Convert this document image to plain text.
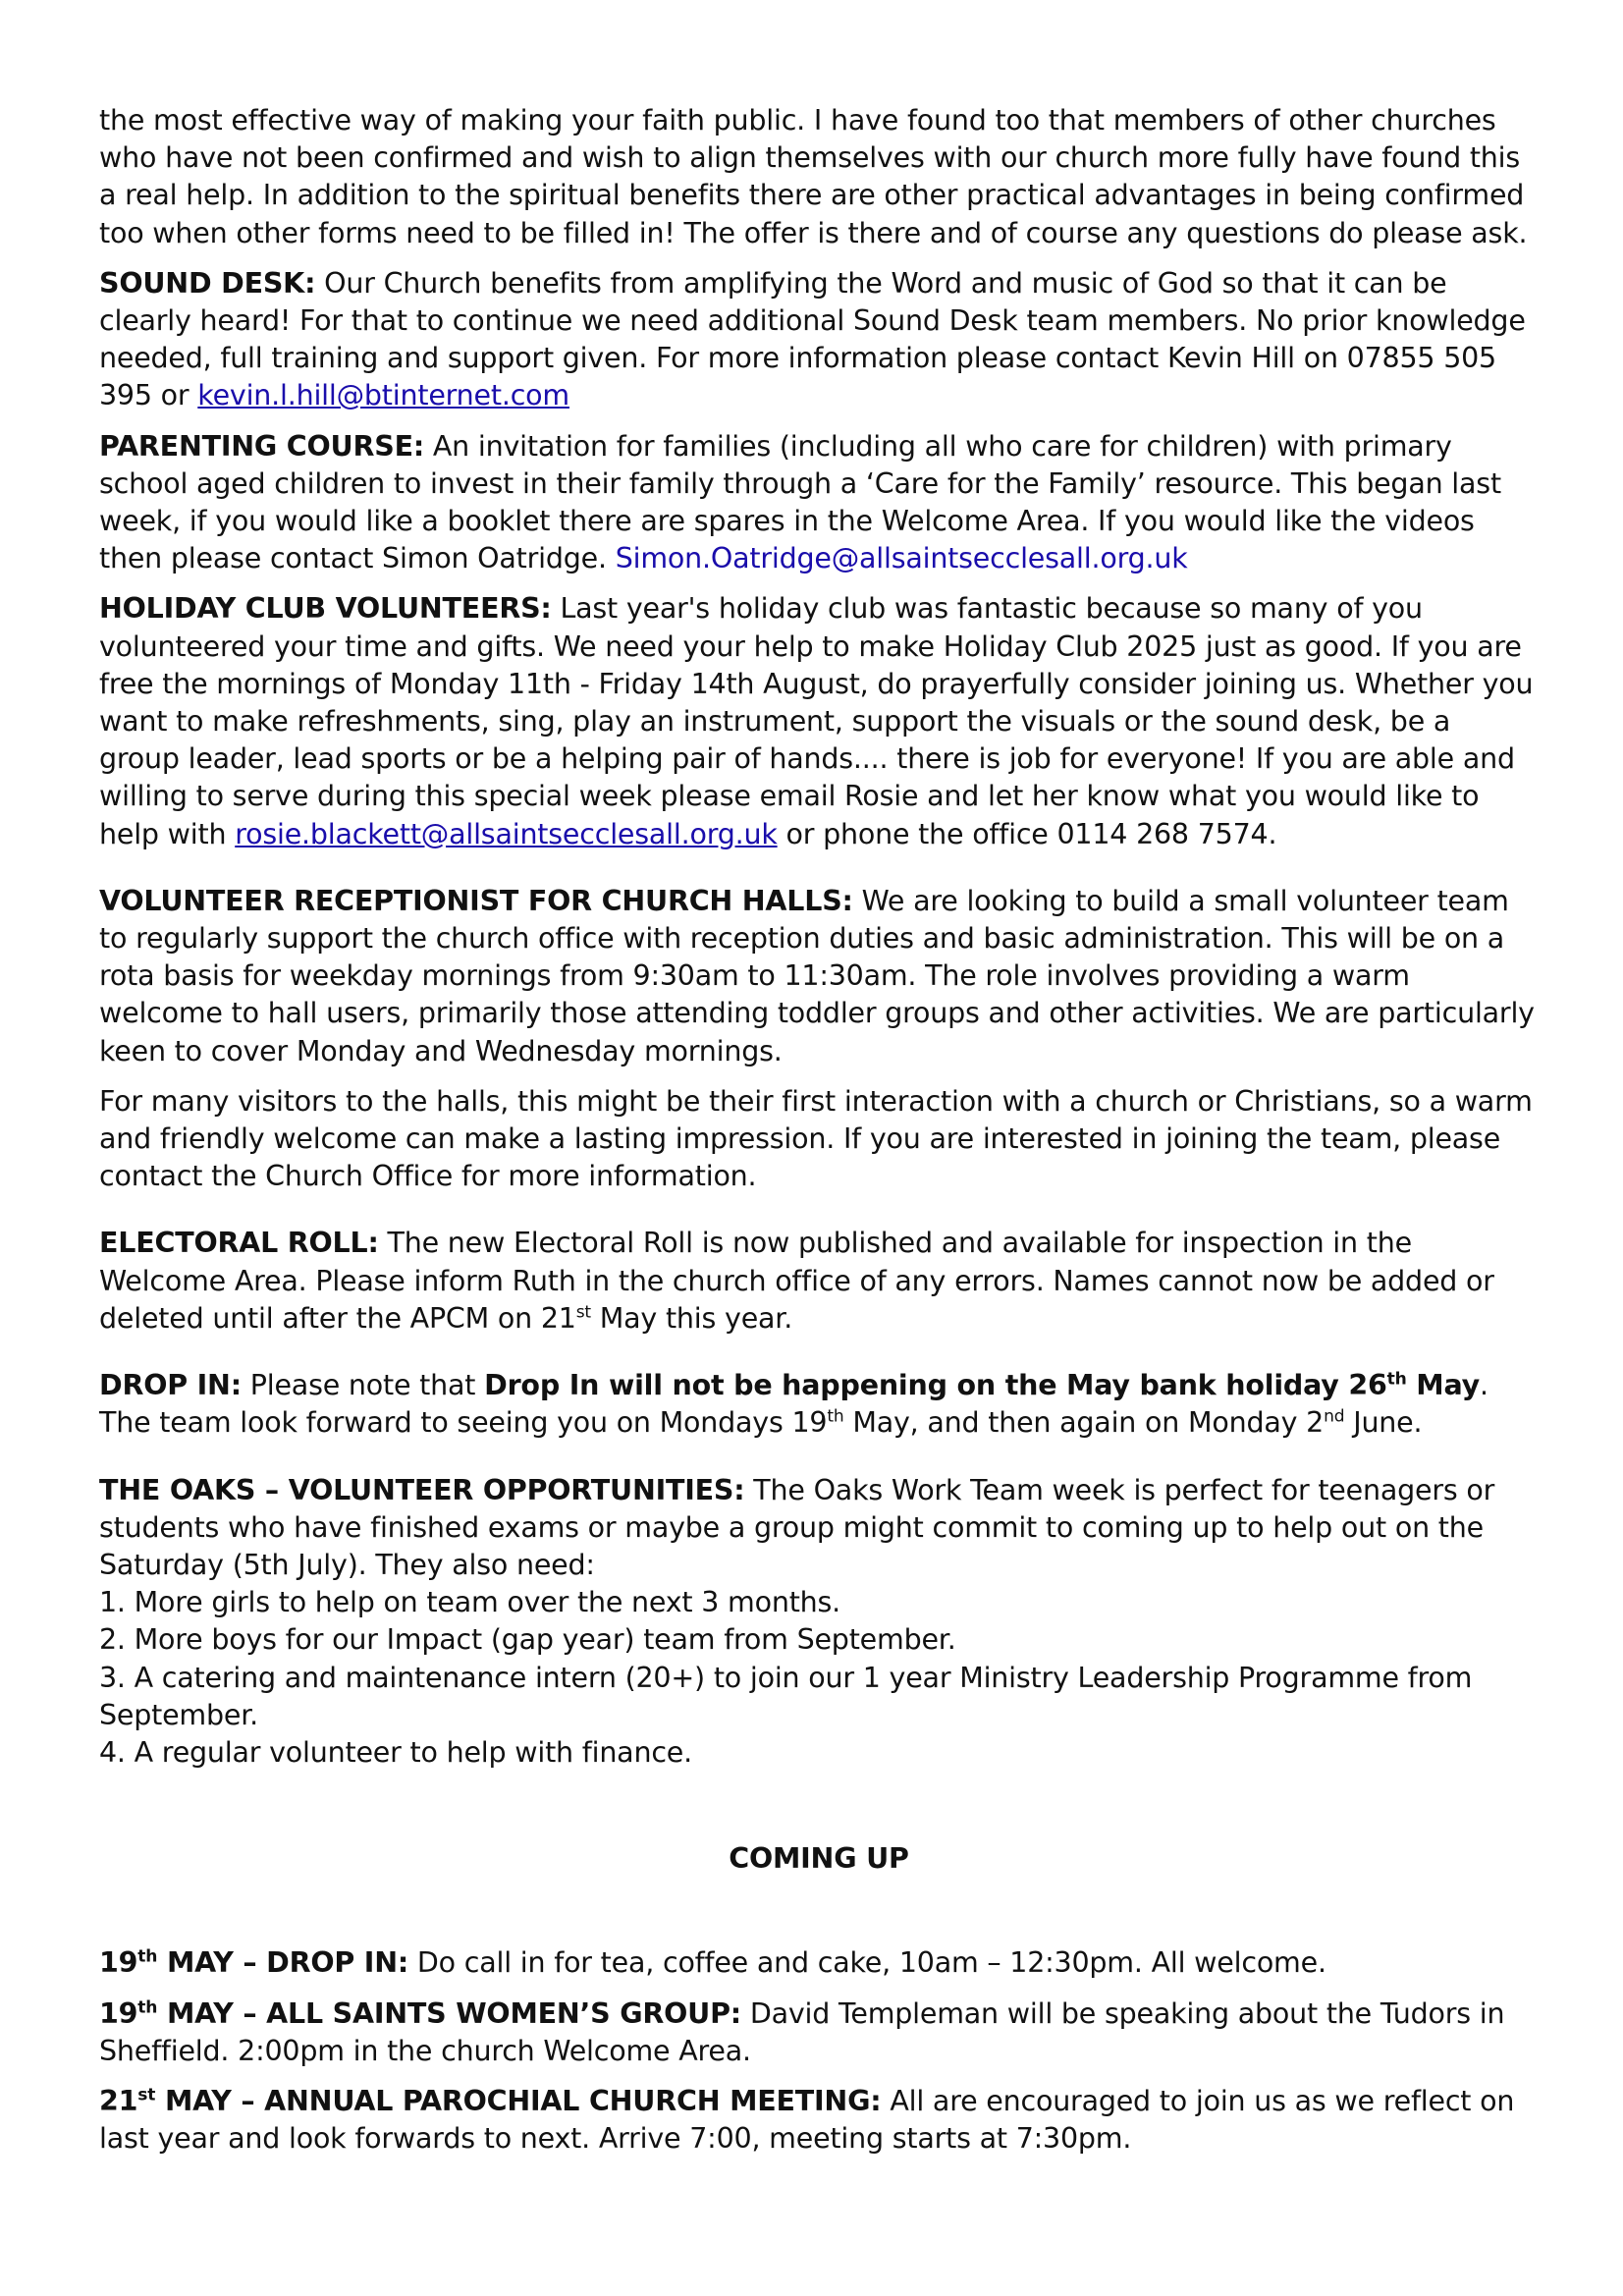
the most effective way of making your faith public. I have found too that members of other churches who have not been confirmed and wish to align themselves with our church more fully have found this a real help. In addition to the spiritual benefits there are other practical advantages in being confirmed too when other forms need to be filled in! The offer is there and of course any questions do please ask.

SOUND DESK: Our Church benefits from amplifying the Word and music of God so that it can be clearly heard! For that to continue we need additional Sound Desk team members. No prior knowledge needed, full training and support given. For more information please contact Kevin Hill on 07855 505 395 or kevin.l.hill@btinternet.com

PARENTING COURSE: An invitation for families (including all who care for children) with primary school aged children to invest in their family through a ‘Care for the Family’ resource. This began last week, if you would like a booklet there are spares in the Welcome Area. If you would like the videos then please contact Simon Oatridge. Simon.Oatridge@allsaintsecclesall.org.uk

HOLIDAY CLUB VOLUNTEERS: Last year's holiday club was fantastic because so many of you volunteered your time and gifts. We need your help to make Holiday Club 2025 just as good. If you are free the mornings of Monday 11th - Friday 14th August, do prayerfully consider joining us. Whether you want to make refreshments, sing, play an instrument, support the visuals or the sound desk, be a group leader, lead sports or be a helping pair of hands.... there is job for everyone! If you are able and willing to serve during this special week please email Rosie and let her know what you would like to help with rosie.blackett@allsaintsecclesall.org.uk or phone the office 0114 268 7574.

VOLUNTEER RECEPTIONIST FOR CHURCH HALLS: We are looking to build a small volunteer team to regularly support the church office with reception duties and basic administration. This will be on a rota basis for weekday mornings from 9:30am to 11:30am. The role involves providing a warm welcome to hall users, primarily those attending toddler groups and other activities. We are particularly keen to cover Monday and Wednesday mornings.

For many visitors to the halls, this might be their first interaction with a church or Christians, so a warm and friendly welcome can make a lasting impression. If you are interested in joining the team, please contact the Church Office for more information.

ELECTORAL ROLL: The new Electoral Roll is now published and available for inspection in the Welcome Area. Please inform Ruth in the church office of any errors. Names cannot now be added or deleted until after the APCM on 21st May this year.

DROP IN: Please note that Drop In will not be happening on the May bank holiday 26th May. The team look forward to seeing you on Mondays 19th May, and then again on Monday 2nd June.

THE OAKS – VOLUNTEER OPPORTUNITIES: The Oaks Work Team week is perfect for teenagers or students who have finished exams or maybe a group might commit to coming up to help out on the Saturday (5th July). They also need:
1. More girls to help on team over the next 3 months.
2. More boys for our Impact (gap year) team from September.
3. A catering and maintenance intern (20+) to join our 1 year Ministry Leadership Programme from September.
4. A regular volunteer to help with finance.

COMING UP

19th MAY – DROP IN: Do call in for tea, coffee and cake, 10am – 12:30pm. All welcome.

19th MAY – ALL SAINTS WOMEN’S GROUP: David Templeman will be speaking about the Tudors in Sheffield. 2:00pm in the church Welcome Area.

21st MAY – ANNUAL PAROCHIAL CHURCH MEETING: All are encouraged to join us as we reflect on last year and look forwards to next. Arrive 7:00, meeting starts at 7:30pm.
